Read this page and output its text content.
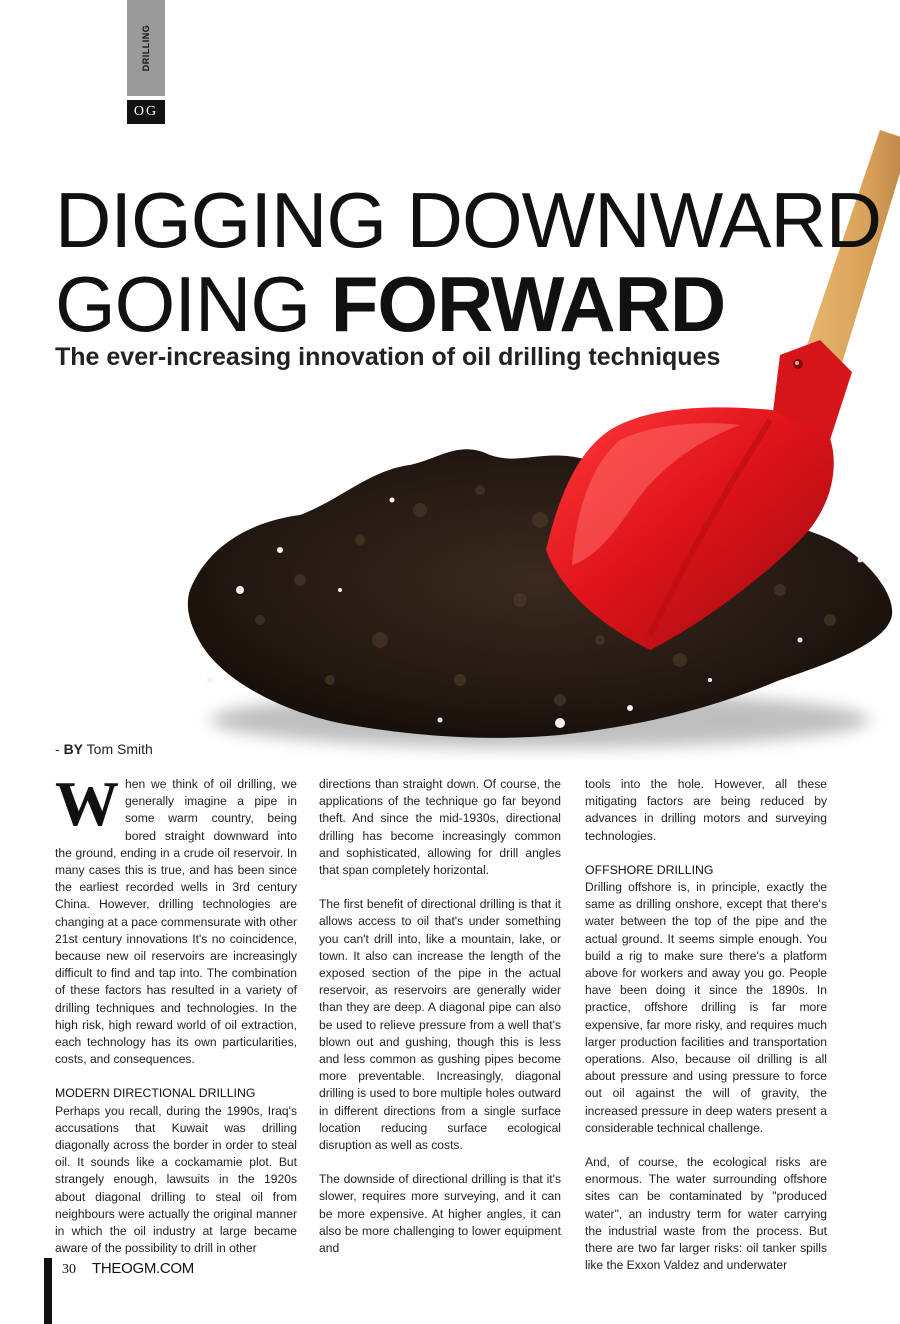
DRILLING
OG
DIGGING DOWNWARD
GOING FORWARD
The ever-increasing innovation of oil drilling techniques
- BY Tom Smith

When we think of oil drilling, we generally imagine a pipe in some warm country, being bored straight downward into the ground, ending in a crude oil reservoir. In many cases this is true, and has been since the earliest recorded wells in 3rd century China. However, drilling technologies are changing at a pace commensurate with other 21st century innovations It's no coincidence, because new oil reservoirs are increasingly difficult to find and tap into. The combination of these factors has resulted in a variety of drilling techniques and technologies. In the high risk, high reward world of oil extraction, each technology has its own particularities, costs, and consequences.

MODERN DIRECTIONAL DRILLING

Perhaps you recall, during the 1990s, Iraq's accusations that Kuwait was drilling diagonally across the border in order to steal oil. It sounds like a cockamamie plot. But strangely enough, lawsuits in the 1920s about diagonal drilling to steal oil from neighbours were actually the original manner in which the oil industry at large became aware of the possibility to drill in other

directions than straight down. Of course, the applications of the technique go far beyond theft. And since the mid-1930s, directional drilling has become increasingly common and sophisticated, allowing for drill angles that span completely horizontal.

The first benefit of directional drilling is that it allows access to oil that's under something you can't drill into, like a mountain, lake, or town. It also can increase the length of the exposed section of the pipe in the actual reservoir, as reservoirs are generally wider than they are deep. A diagonal pipe can also be used to relieve pressure from a well that's blown out and gushing, though this is less and less common as gushing pipes become more preventable. Increasingly, diagonal drilling is used to bore multiple holes outward in different directions from a single surface location reducing surface ecological disruption as well as costs.

The downside of directional drilling is that it's slower, requires more surveying, and it can be more expensive. At higher angles, it can also be more challenging to lower equipment and

tools into the hole. However, all these mitigating factors are being reduced by advances in drilling motors and surveying technologies.

OFFSHORE DRILLING

Drilling offshore is, in principle, exactly the same as drilling onshore, except that there's water between the top of the pipe and the actual ground. It seems simple enough. You build a rig to make sure there's a platform above for workers and away you go. People have been doing it since the 1890s. In practice, offshore drilling is far more expensive, far more risky, and requires much larger production facilities and transportation operations. Also, because oil drilling is all about pressure and using pressure to force out oil against the will of gravity, the increased pressure in deep waters present a considerable technical challenge.

And, of course, the ecological risks are enormous. The water surrounding offshore sites can be contaminated by "produced water", an industry term for water carrying the industrial waste from the process. But there are two far larger risks: oil tanker spills like the Exxon Valdez and underwater

30 THEOGM.COM
